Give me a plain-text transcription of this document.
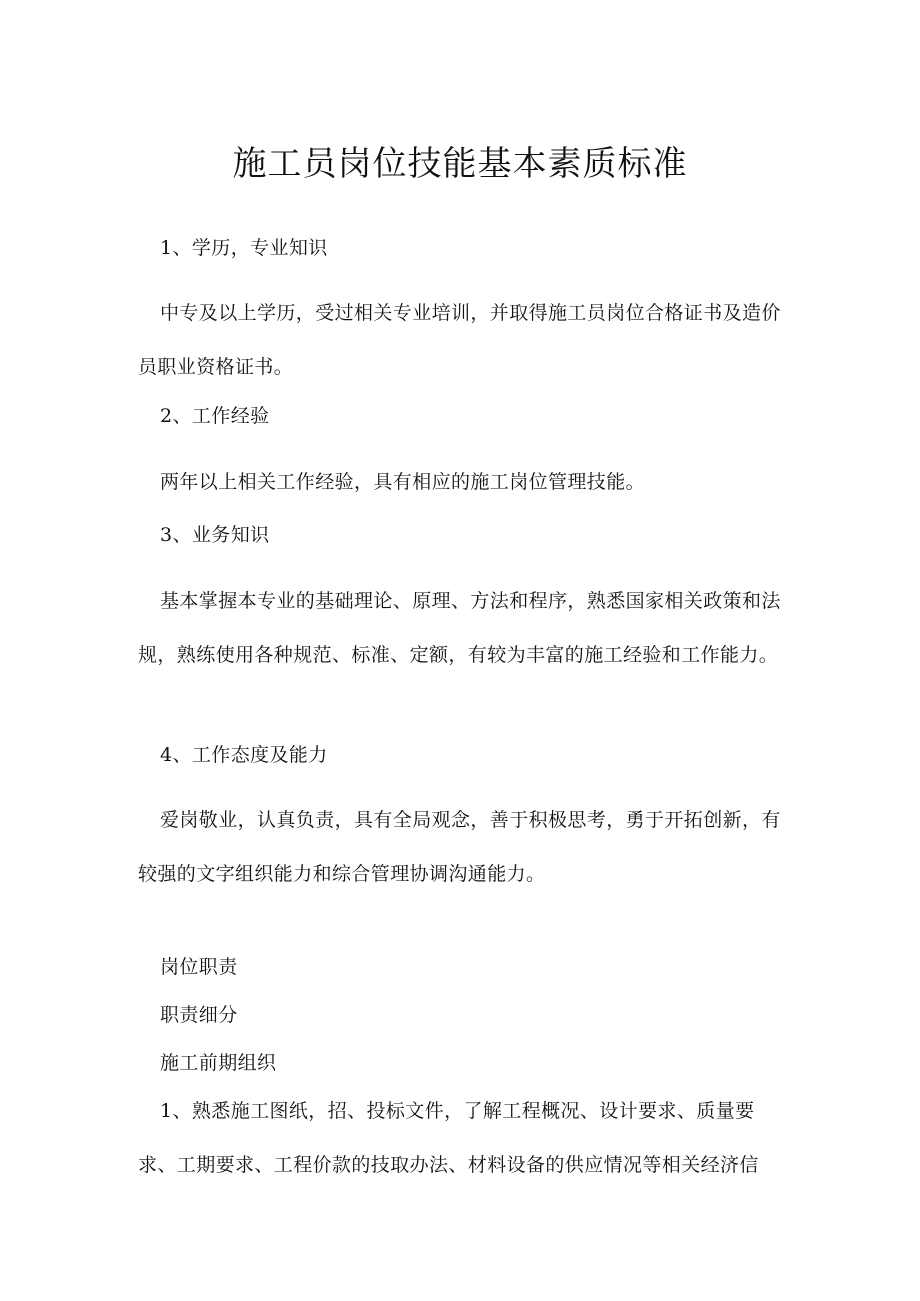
施工员岗位技能基本素质标准

1、学历，专业知识

中专及以上学历，受过相关专业培训，并取得施工员岗位合格证书及造价员职业资格证书。

2、工作经验

两年以上相关工作经验，具有相应的施工岗位管理技能。

3、业务知识

基本掌握本专业的基础理论、原理、方法和程序，熟悉国家相关政策和法规，熟练使用各种规范、标准、定额，有较为丰富的施工经验和工作能力。

4、工作态度及能力

爱岗敬业，认真负责，具有全局观念，善于积极思考，勇于开拓创新，有较强的文字组织能力和综合管理协调沟通能力。

岗位职责

职责细分

施工前期组织

1、熟悉施工图纸，招、投标文件，了解工程概况、设计要求、质量要求、工期要求、工程价款的技取办法、材料设备的供应情况等相关经济信
